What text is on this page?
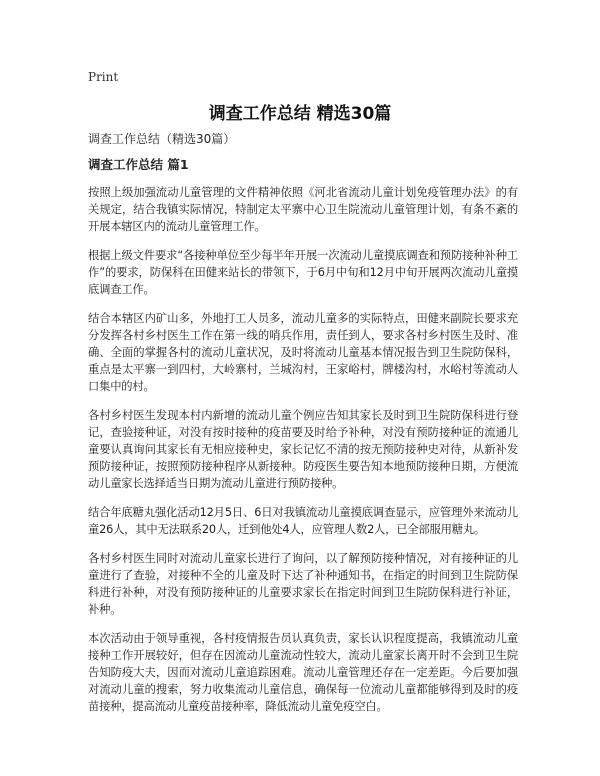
Print
调查工作总结 精选30篇
调查工作总结（精选30篇）
调查工作总结 篇1

按照上级加强流动儿童管理的文件精神依照《河北省流动儿童计划免疫管理办法》的有关规定，结合我镇实际情况，特制定太平寨中心卫生院流动儿童管理计划，有条不紊的开展本辖区内的流动儿童管理工作。

根据上级文件要求“各接种单位至少每半年开展一次流动儿童摸底调查和预防接种补种工作”的要求，防保科在田健来站长的带领下，于6月中旬和12月中旬开展两次流动儿童摸底调查工作。

结合本辖区内矿山多，外地打工人员多，流动儿童多的实际特点，田健来副院长要求充分发挥各村乡村医生工作在第一线的哨兵作用，责任到人，要求各村乡村医生及时、准确、全面的掌握各村的流动儿童状况，及时将流动儿童基本情况报告到卫生院防保科，重点是太平寨一到四村，大岭寨村，兰城沟村，王家峪村，牌楼沟村，水峪村等流动人口集中的村。

各村乡村医生发现本村内新增的流动儿童个例应告知其家长及时到卫生院防保科进行登记，查验接种证，对没有按时接种的疫苗要及时给予补种，对没有预防接种证的流通儿童要认真询问其家长有无相应接种史，家长记忆不清的按无预防接种史对待，从新补发预防接种证，按照预防接种程序从新接种。防疫医生要告知本地预防接种日期，方便流动儿童家长选择适当日期为流动儿童进行预防接种。

结合年底糖丸强化活动12月5日、6日对我镇流动儿童摸底调查显示，应管理外来流动儿童26人，其中无法联系20人，迁到他处4人，应管理人数2人，已全部服用糖丸。

各村乡村医生同时对流动儿童家长进行了询问，以了解预防接种情况，对有接种证的儿童进行了查验，对接种不全的儿童及时下达了补种通知书，在指定的时间到卫生院防保科进行补种，对没有预防接种证的儿童要求家长在指定时间到卫生院防保科进行补证，补种。

本次活动由于领导重视，各村疫情报告员认真负责，家长认识程度提高，我镇流动儿童接种工作开展较好，但存在因流动儿童流动性较大，流动儿童家长离开时不会到卫生院告知防疫大夫，因而对流动儿童追踪困难。流动儿童管理还存在一定差距。今后要加强对流动儿童的搜索，努力收集流动儿童信息，确保每一位流动儿童都能够得到及时的疫苗接种，提高流动儿童疫苗接种率，降低流动儿童免疫空白。
